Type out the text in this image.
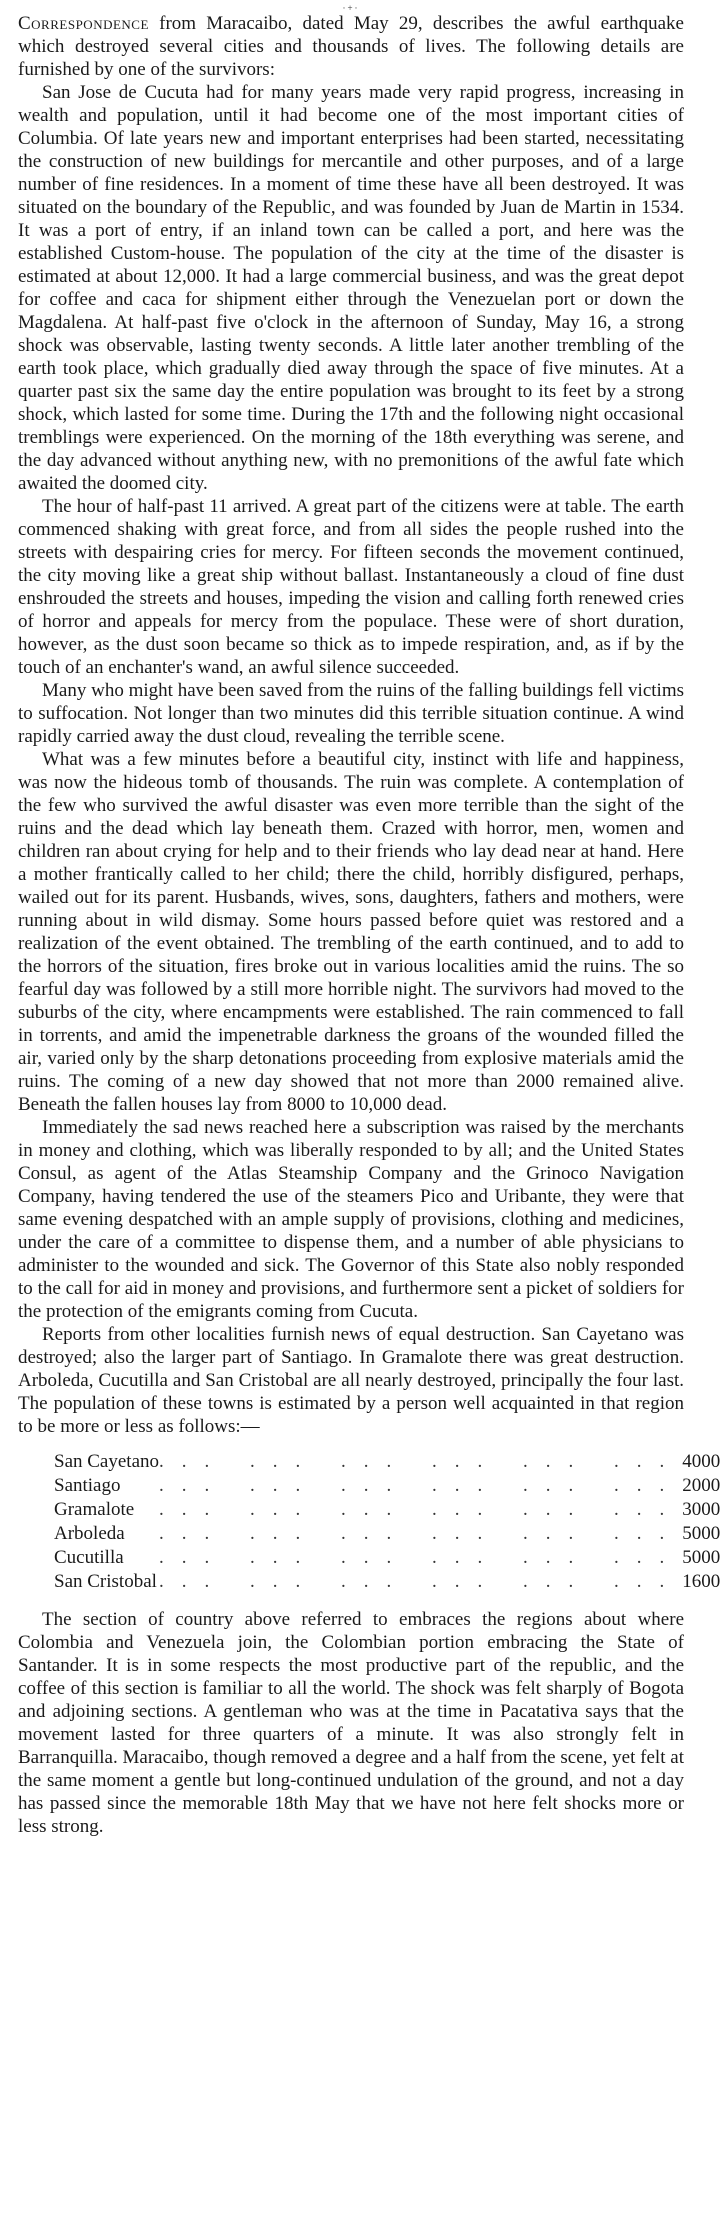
·+·

Correspondence from Maracaibo, dated May 29, describes the awful earthquake which destroyed several cities and thousands of lives. The following details are furnished by one of the survivors:

San Jose de Cucuta had for many years made very rapid progress, increasing in wealth and population, until it had become one of the most important cities of Columbia. Of late years new and important enterprises had been started, necessitating the construction of new buildings for mercantile and other purposes, and of a large number of fine residences. In a moment of time these have all been destroyed. It was situated on the boundary of the Republic, and was founded by Juan de Martin in 1534. It was a port of entry, if an inland town can be called a port, and here was the established Custom-house. The population of the city at the time of the disaster is estimated at about 12,000. It had a large commercial business, and was the great depot for coffee and caca for shipment either through the Venezuelan port or down the Magdalena. At half-past five o'clock in the afternoon of Sunday, May 16, a strong shock was observable, lasting twenty seconds. A little later another trembling of the earth took place, which gradually died away through the space of five minutes. At a quarter past six the same day the entire population was brought to its feet by a strong shock, which lasted for some time. During the 17th and the following night occasional tremblings were experienced. On the morning of the 18th everything was serene, and the day advanced without anything new, with no premonitions of the awful fate which awaited the doomed city.

The hour of half-past 11 arrived. A great part of the citizens were at table. The earth commenced shaking with great force, and from all sides the people rushed into the streets with despairing cries for mercy. For fifteen seconds the movement continued, the city moving like a great ship without ballast. Instantaneously a cloud of fine dust enshrouded the streets and houses, impeding the vision and calling forth renewed cries of horror and appeals for mercy from the populace. These were of short duration, however, as the dust soon became so thick as to impede respiration, and, as if by the touch of an enchanter's wand, an awful silence succeeded.

Many who might have been saved from the ruins of the falling buildings fell victims to suffocation. Not longer than two minutes did this terrible situation continue. A wind rapidly carried away the dust cloud, revealing the terrible scene.

What was a few minutes before a beautiful city, instinct with life and happiness, was now the hideous tomb of thousands. The ruin was complete. A contemplation of the few who survived the awful disaster was even more terrible than the sight of the ruins and the dead which lay beneath them. Crazed with horror, men, women and children ran about crying for help and to their friends who lay dead near at hand. Here a mother frantically called to her child; there the child, horribly disfigured, perhaps, wailed out for its parent. Husbands, wives, sons, daughters, fathers and mothers, were running about in wild dismay. Some hours passed before quiet was restored and a realization of the event obtained. The trembling of the earth continued, and to add to the horrors of the situation, fires broke out in various localities amid the ruins. The so fearful day was followed by a still more horrible night. The survivors had moved to the suburbs of the city, where encampments were established. The rain commenced to fall in torrents, and amid the impenetrable darkness the groans of the wounded filled the air, varied only by the sharp detonations proceeding from explosive materials amid the ruins. The coming of a new day showed that not more than 2000 remained alive. Beneath the fallen houses lay from 8000 to 10,000 dead.

Immediately the sad news reached here a subscription was raised by the merchants in money and clothing, which was liberally responded to by all; and the United States Consul, as agent of the Atlas Steamship Company and the Grinoco Navigation Company, having tendered the use of the steamers Pico and Uribante, they were that same evening despatched with an ample supply of provisions, clothing and medicines, under the care of a committee to dispense them, and a number of able physicians to administer to the wounded and sick. The Governor of this State also nobly responded to the call for aid in money and provisions, and furthermore sent a picket of soldiers for the protection of the emigrants coming from Cucuta.

Reports from other localities furnish news of equal destruction. San Cayetano was destroyed; also the larger part of Santiago. In Gramalote there was great destruction. Arboleda, Cucutilla and San Cristobal are all nearly destroyed, principally the four last. The population of these towns is estimated by a person well acquainted in that region to be more or less as follows:—

San Cayetano	... ... ... ... ... ...	4000
Santiago	... ... ... ... ... ...	2000
Gramalote	... ... ... ... ... ...	3000
Arboleda	... ... ... ... ... ...	5000
Cucutilla	... ... ... ... ... ...	5000
San Cristobal	... ... ... ... ... ...	1600

The section of country above referred to embraces the regions about where Colombia and Venezuela join, the Colombian portion embracing the State of Santander. It is in some respects the most productive part of the republic, and the coffee of this section is familiar to all the world. The shock was felt sharply of Bogota and adjoining sections. A gentleman who was at the time in Pacatativa says that the movement lasted for three quarters of a minute. It was also strongly felt in Barranquilla. Maracaibo, though removed a degree and a half from the scene, yet felt at the same moment a gentle but long-continued undulation of the ground, and not a day has passed since the memorable 18th May that we have not here felt shocks more or less strong.
